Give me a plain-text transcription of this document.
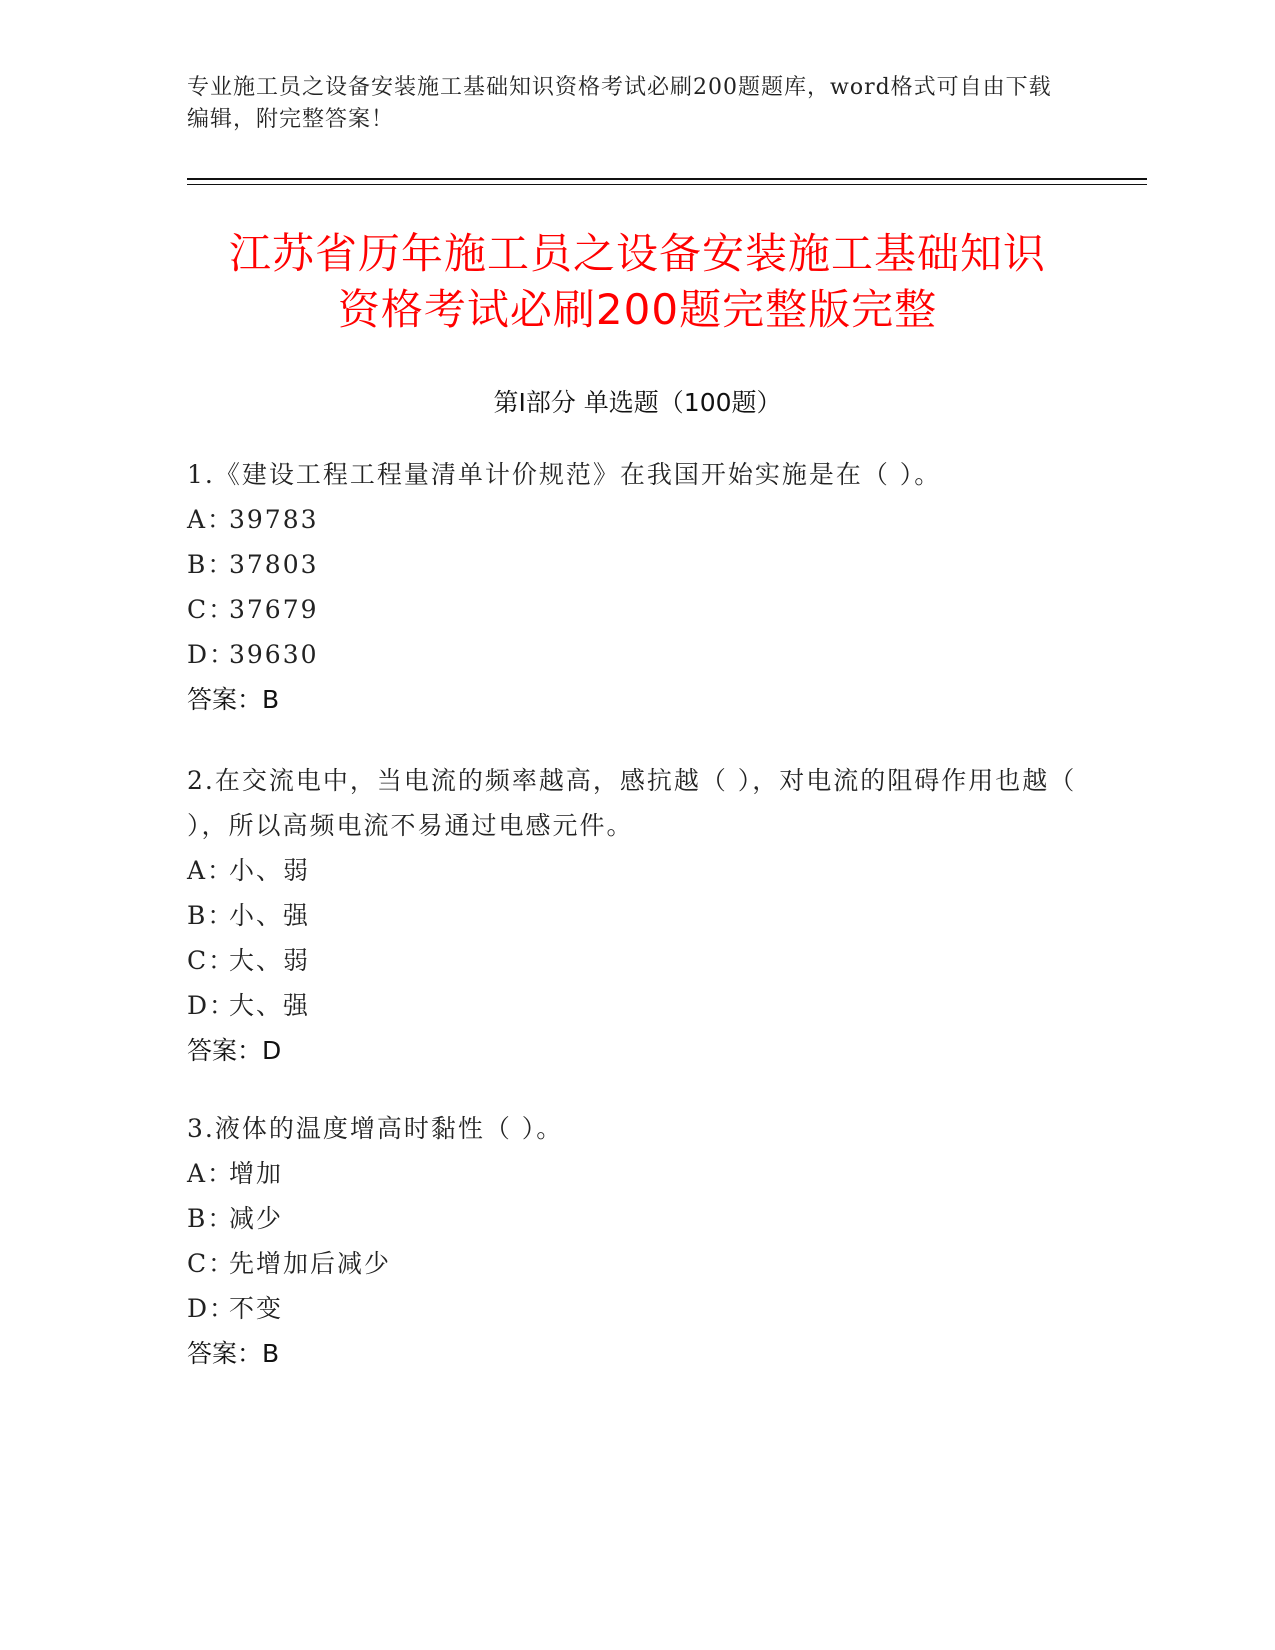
专业施工员之设备安装施工基础知识资格考试必刷200题题库，word格式可自由下载编辑，附完整答案！
江苏省历年施工员之设备安装施工基础知识
资格考试必刷200题完整版完整
第Ⅰ部分 单选题（100题）

1.《建设工程工程量清单计价规范》在我国开始实施是在（ ）。

A：39783

B：37803

C：37679

D：39630

答案：B

2.在交流电中，当电流的频率越高，感抗越（ ），对电流的阻碍作用也越（ ），所以高频电流不易通过电感元件。

A：小、弱

B：小、强

C：大、弱

D：大、强

答案：D

3.液体的温度增高时黏性（ ）。

A：增加

B：减少

C：先增加后减少

D：不变

答案：B
